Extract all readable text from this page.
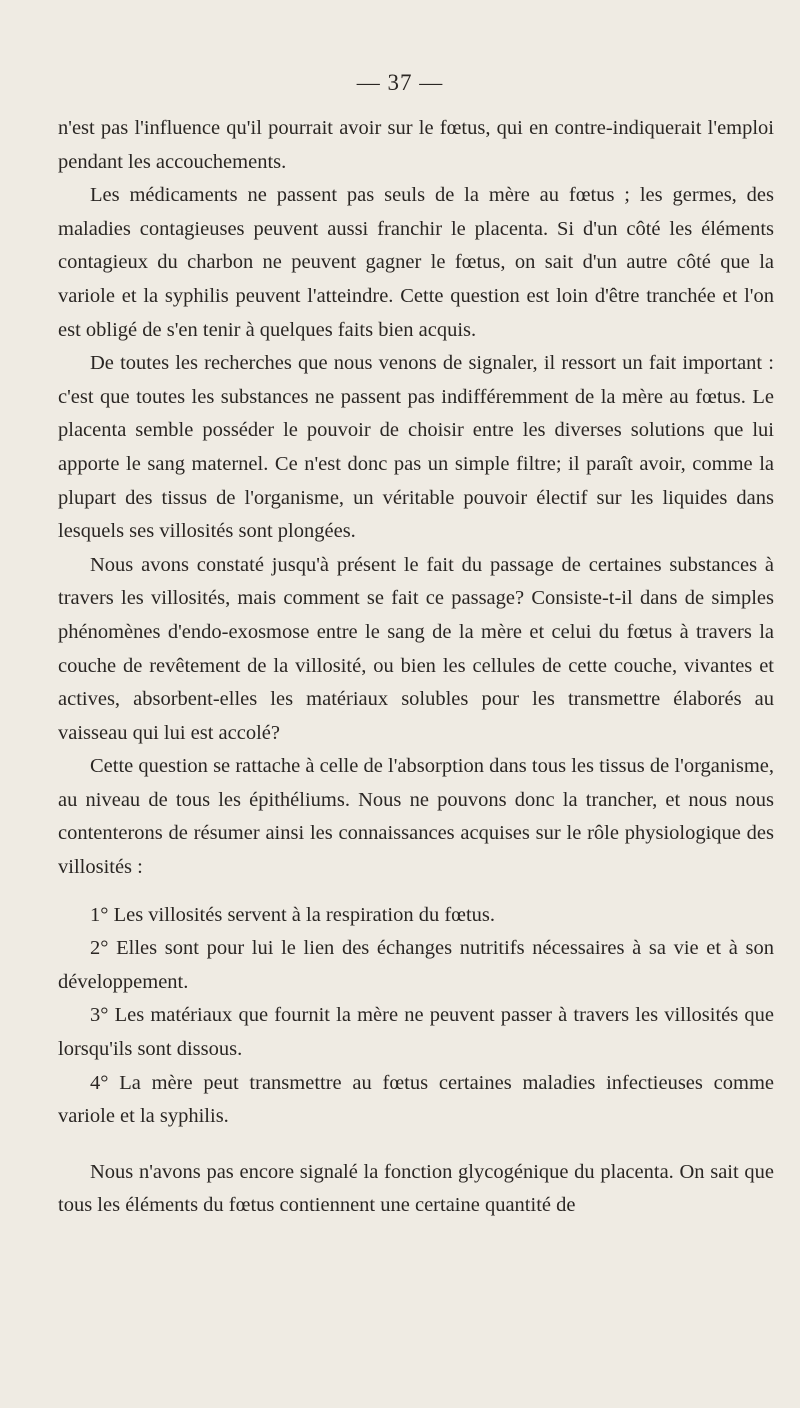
— 37 —

n'est pas l'influence qu'il pourrait avoir sur le fœtus, qui en contre-indiquerait l'emploi pendant les accouchements.

Les médicaments ne passent pas seuls de la mère au fœtus ; les germes, des maladies contagieuses peuvent aussi franchir le placenta. Si d'un côté les éléments contagieux du charbon ne peuvent gagner le fœtus, on sait d'un autre côté que la variole et la syphilis peuvent l'atteindre. Cette question est loin d'être tranchée et l'on est obligé de s'en tenir à quelques faits bien acquis.

De toutes les recherches que nous venons de signaler, il ressort un fait important : c'est que toutes les substances ne passent pas indifféremment de la mère au fœtus. Le placenta semble posséder le pouvoir de choisir entre les diverses solutions que lui apporte le sang maternel. Ce n'est donc pas un simple filtre; il paraît avoir, comme la plupart des tissus de l'organisme, un véritable pouvoir électif sur les liquides dans lesquels ses villosités sont plongées.

Nous avons constaté jusqu'à présent le fait du passage de certaines substances à travers les villosités, mais comment se fait ce passage? Consiste-t-il dans de simples phénomènes d'endo-exosmose entre le sang de la mère et celui du fœtus à travers la couche de revêtement de la villosité, ou bien les cellules de cette couche, vivantes et actives, absorbent-elles les matériaux solubles pour les transmettre élaborés au vaisseau qui lui est accolé?

Cette question se rattache à celle de l'absorption dans tous les tissus de l'organisme, au niveau de tous les épithéliums. Nous ne pouvons donc la trancher, et nous nous contenterons de résumer ainsi les connaissances acquises sur le rôle physiologique des villosités :

1° Les villosités servent à la respiration du fœtus.

2° Elles sont pour lui le lien des échanges nutritifs nécessaires à sa vie et à son développement.

3° Les matériaux que fournit la mère ne peuvent passer à travers les villosités que lorsqu'ils sont dissous.

4° La mère peut transmettre au fœtus certaines maladies infectieuses comme variole et la syphilis.

Nous n'avons pas encore signalé la fonction glycogénique du placenta. On sait que tous les éléments du fœtus contiennent une certaine quantité de
